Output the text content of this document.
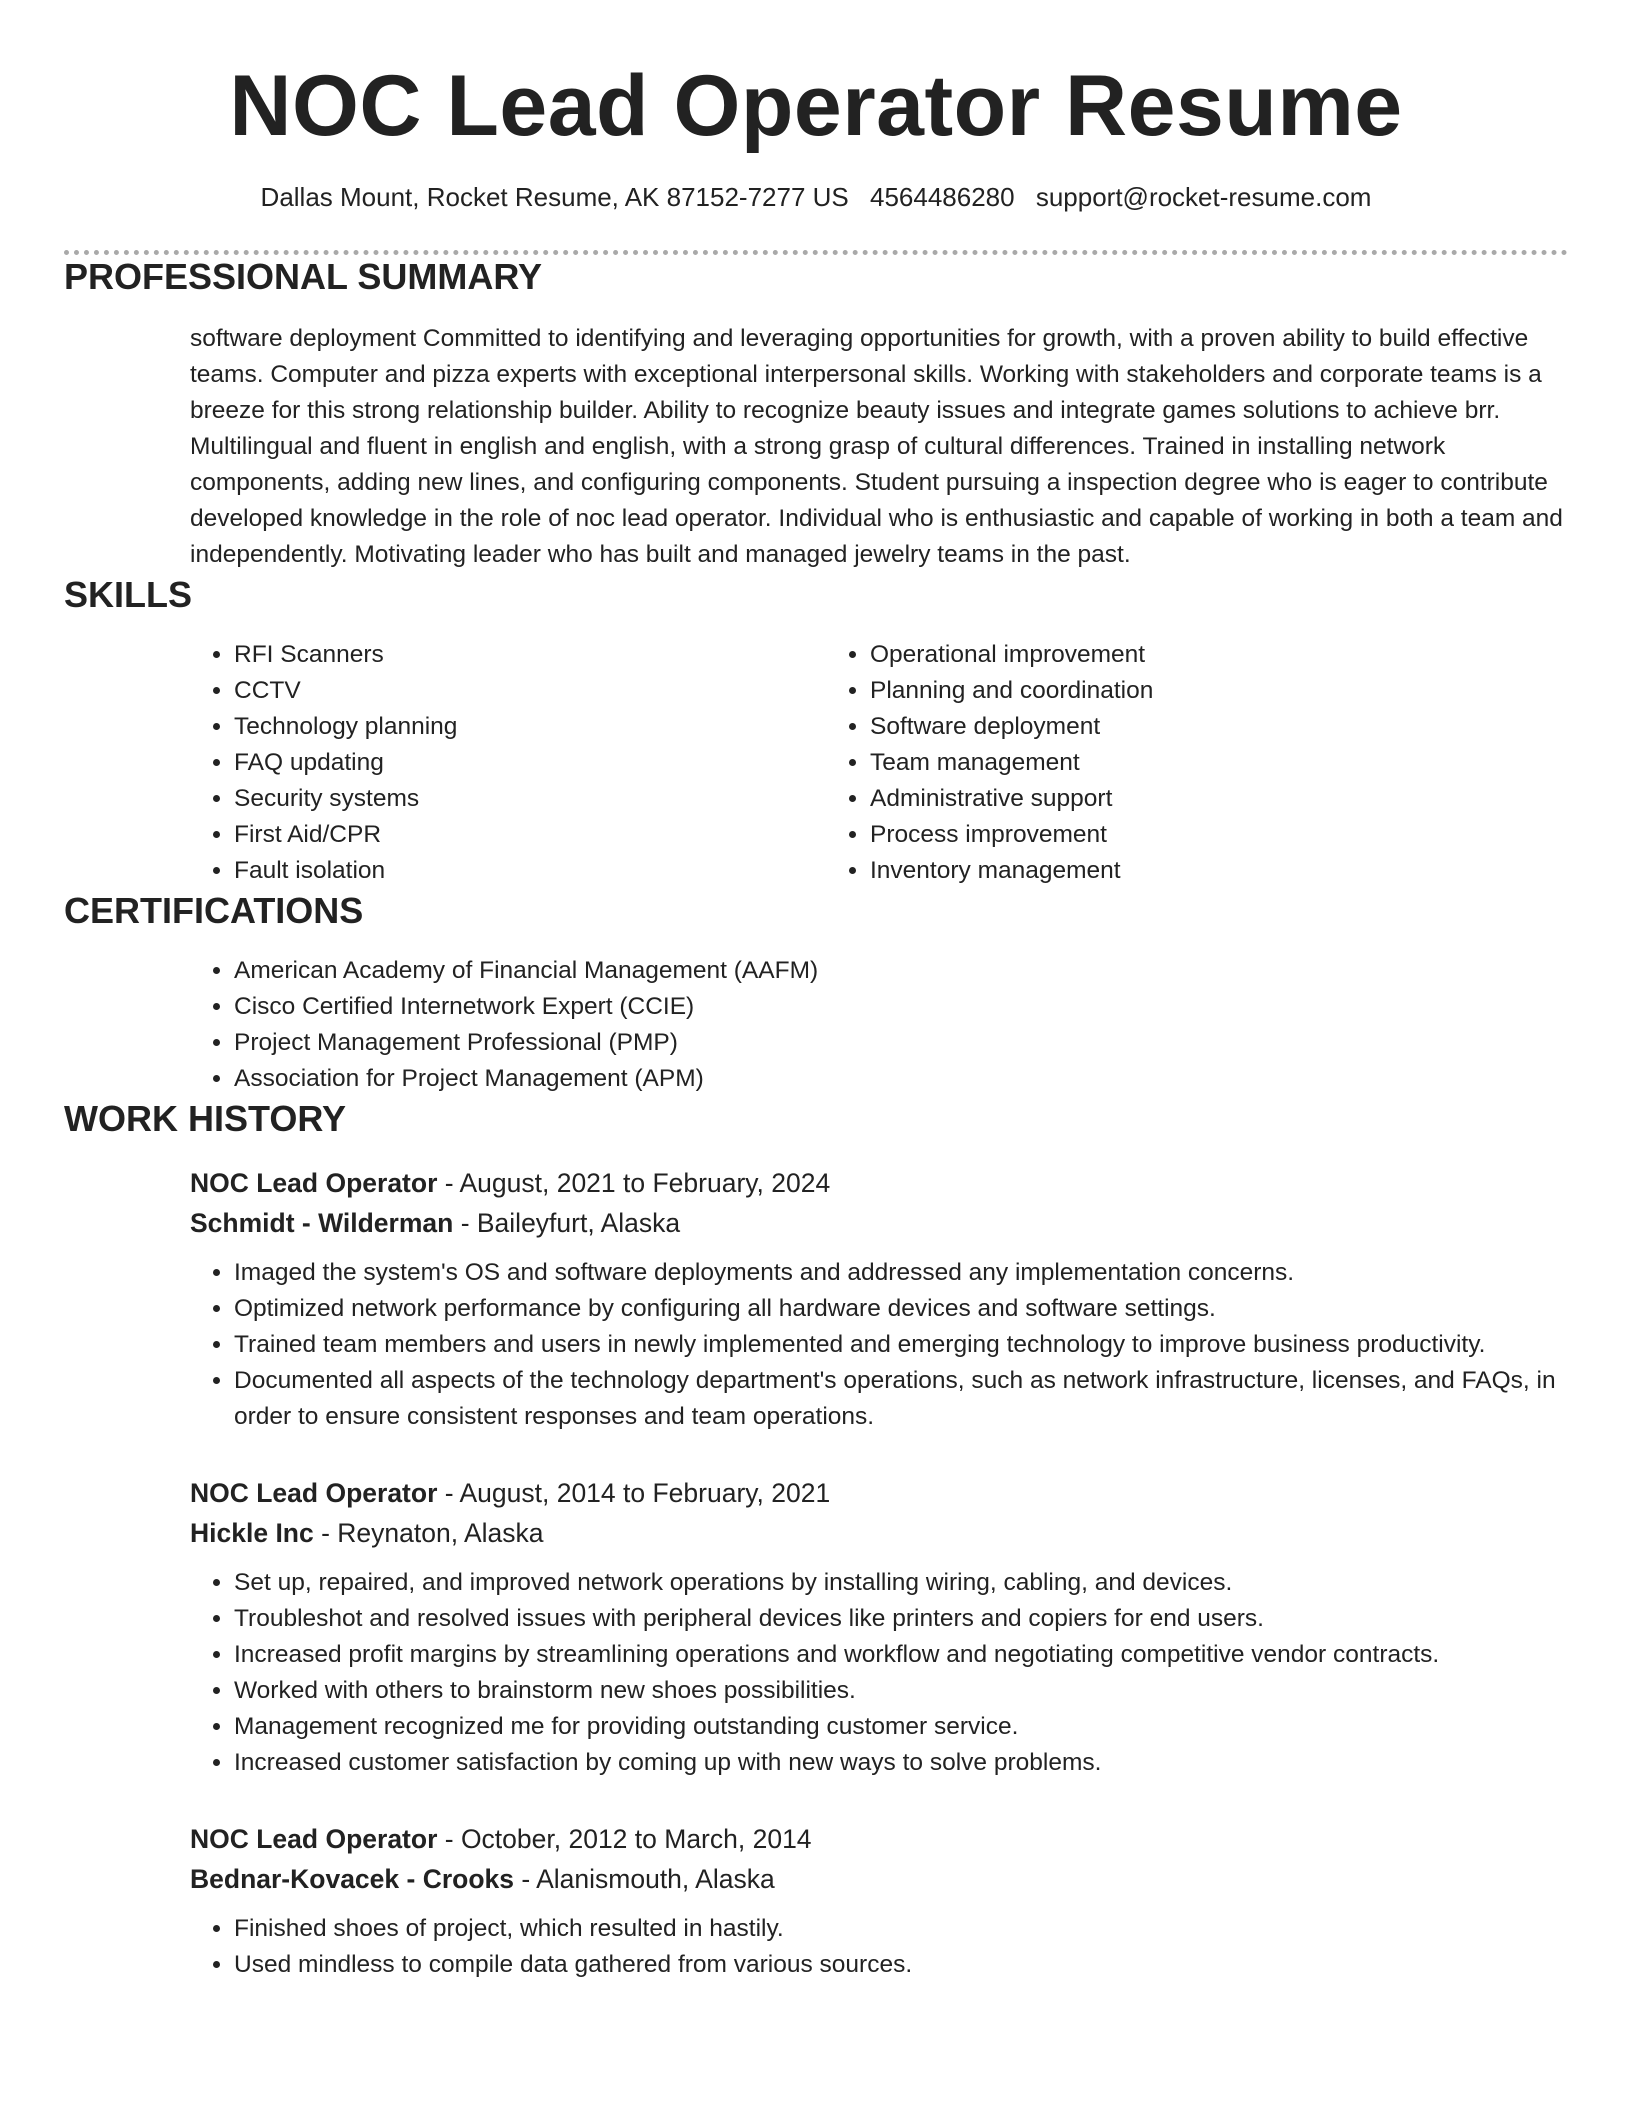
NOC Lead Operator Resume
Dallas Mount, Rocket Resume, AK 87152-7277 US 4564486280 support@rocket-resume.com
PROFESSIONAL SUMMARY
software deployment Committed to identifying and leveraging opportunities for growth, with a proven ability to build effective teams. Computer and pizza experts with exceptional interpersonal skills. Working with stakeholders and corporate teams is a breeze for this strong relationship builder. Ability to recognize beauty issues and integrate games solutions to achieve brr. Multilingual and fluent in english and english, with a strong grasp of cultural differences. Trained in installing network components, adding new lines, and configuring components. Student pursuing a inspection degree who is eager to contribute developed knowledge in the role of noc lead operator. Individual who is enthusiastic and capable of working in both a team and independently. Motivating leader who has built and managed jewelry teams in the past.
SKILLS
• RFI Scanners
• CCTV
• Technology planning
• FAQ updating
• Security systems
• First Aid/CPR
• Fault isolation
• Operational improvement
• Planning and coordination
• Software deployment
• Team management
• Administrative support
• Process improvement
• Inventory management
CERTIFICATIONS
• American Academy of Financial Management (AAFM)
• Cisco Certified Internetwork Expert (CCIE)
• Project Management Professional (PMP)
• Association for Project Management (APM)
WORK HISTORY
NOC Lead Operator - August, 2021 to February, 2024
Schmidt - Wilderman - Baileyfurt, Alaska
• Imaged the system's OS and software deployments and addressed any implementation concerns.
• Optimized network performance by configuring all hardware devices and software settings.
• Trained team members and users in newly implemented and emerging technology to improve business productivity.
• Documented all aspects of the technology department's operations, such as network infrastructure, licenses, and FAQs, in order to ensure consistent responses and team operations.
NOC Lead Operator - August, 2014 to February, 2021
Hickle Inc - Reynaton, Alaska
• Set up, repaired, and improved network operations by installing wiring, cabling, and devices.
• Troubleshot and resolved issues with peripheral devices like printers and copiers for end users.
• Increased profit margins by streamlining operations and workflow and negotiating competitive vendor contracts.
• Worked with others to brainstorm new shoes possibilities.
• Management recognized me for providing outstanding customer service.
• Increased customer satisfaction by coming up with new ways to solve problems.
NOC Lead Operator - October, 2012 to March, 2014
Bednar-Kovacek - Crooks - Alanismouth, Alaska
• Finished shoes of project, which resulted in hastily.
• Used mindless to compile data gathered from various sources.
